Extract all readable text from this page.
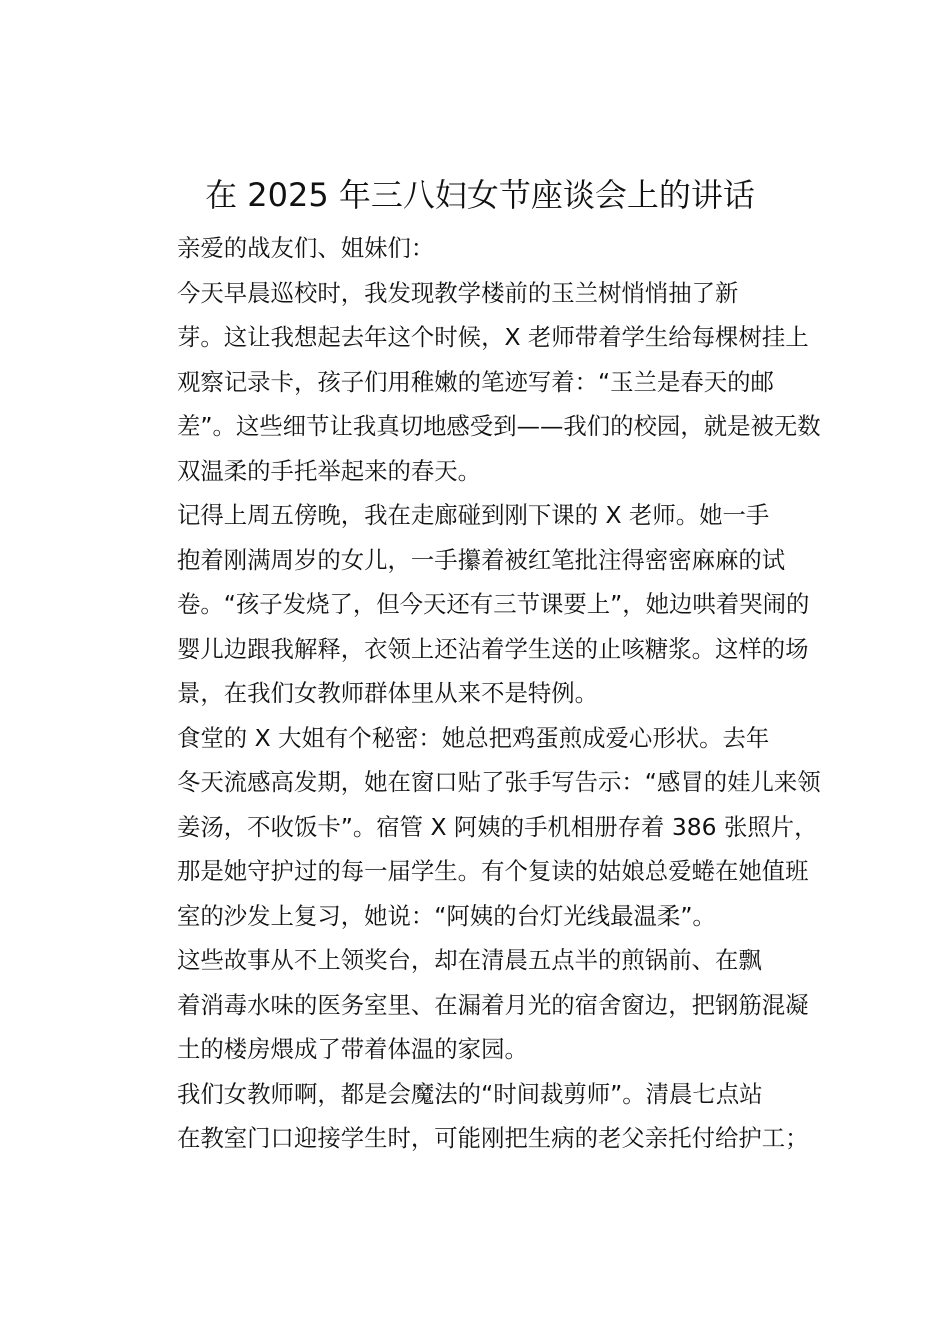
在 2025 年三八妇女节座谈会上的讲话

亲爱的战友们、姐妹们：

今天早晨巡校时，我发现教学楼前的玉兰树悄悄抽了新
芽。这让我想起去年这个时候，X 老师带着学生给每棵树挂上
观察记录卡，孩子们用稚嫩的笔迹写着：“玉兰是春天的邮
差”。这些细节让我真切地感受到——我们的校园，就是被无数
双温柔的手托举起来的春天。

记得上周五傍晚，我在走廊碰到刚下课的 X 老师。她一手
抱着刚满周岁的女儿，一手攥着被红笔批注得密密麻麻的试
卷。“孩子发烧了，但今天还有三节课要上”，她边哄着哭闹的
婴儿边跟我解释，衣领上还沾着学生送的止咳糖浆。这样的场
景，在我们女教师群体里从来不是特例。

食堂的 X 大姐有个秘密：她总把鸡蛋煎成爱心形状。去年
冬天流感高发期，她在窗口贴了张手写告示：“感冒的娃儿来领
姜汤，不收饭卡”。宿管 X 阿姨的手机相册存着 386 张照片，
那是她守护过的每一届学生。有个复读的姑娘总爱蜷在她值班
室的沙发上复习，她说：“阿姨的台灯光线最温柔”。

这些故事从不上领奖台，却在清晨五点半的煎锅前、在飘
着消毒水味的医务室里、在漏着月光的宿舍窗边，把钢筋混凝
土的楼房煨成了带着体温的家园。

我们女教师啊，都是会魔法的“时间裁剪师”。清晨七点站
在教室门口迎接学生时，可能刚把生病的老父亲托付给护工；
